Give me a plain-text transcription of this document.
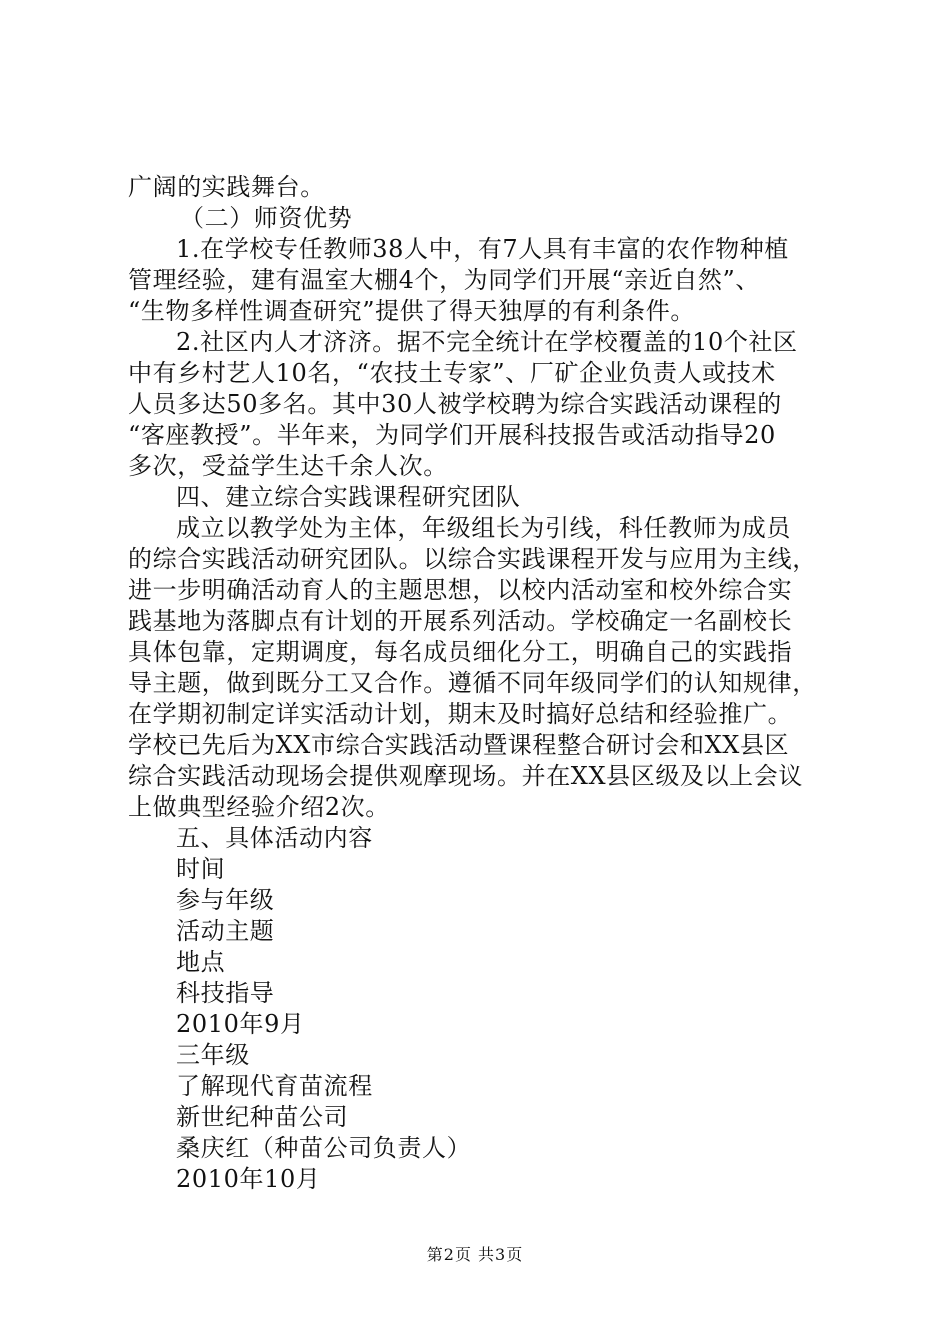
广阔的实践舞台。
（二）师资优势
1.在学校专任教师38人中，有7人具有丰富的农作物种植
管理经验，建有温室大棚4个，为同学们开展“亲近自然”、
“生物多样性调查研究”提供了得天独厚的有利条件。
2.社区内人才济济。据不完全统计在学校覆盖的10个社区
中有乡村艺人10名，“农技土专家”、厂矿企业负责人或技术
人员多达50多名。其中30人被学校聘为综合实践活动课程的
“客座教授”。半年来，为同学们开展科技报告或活动指导20
多次，受益学生达千余人次。
四、建立综合实践课程研究团队
成立以教学处为主体，年级组长为引线，科任教师为成员
的综合实践活动研究团队。以综合实践课程开发与应用为主线，
进一步明确活动育人的主题思想，以校内活动室和校外综合实
践基地为落脚点有计划的开展系列活动。学校确定一名副校长
具体包靠，定期调度，每名成员细化分工，明确自己的实践指
导主题，做到既分工又合作。遵循不同年级同学们的认知规律，
在学期初制定详实活动计划，期末及时搞好总结和经验推广。
学校已先后为XX市综合实践活动暨课程整合研讨会和XX县区
综合实践活动现场会提供观摩现场。并在XX县区级及以上会议
上做典型经验介绍2次。
五、具体活动内容
时间
参与年级
活动主题
地点
科技指导
2010年9月
三年级
了解现代育苗流程
新世纪种苗公司
桑庆红（种苗公司负责人）
2010年10月
第2页 共3页
